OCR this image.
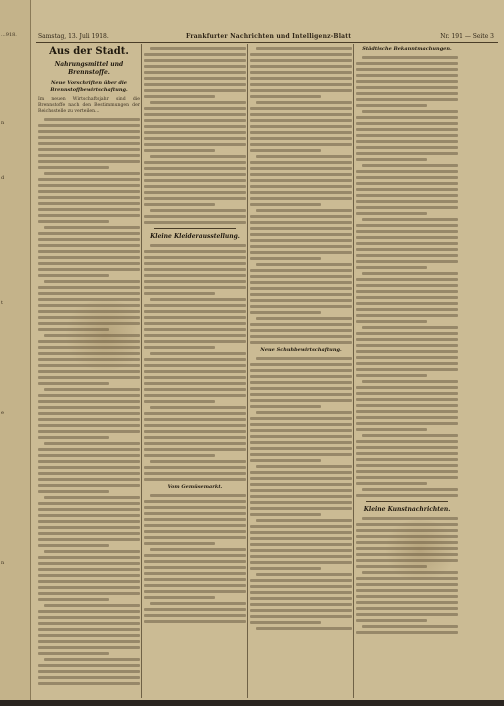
...918.
n
d
t
e
n
Samstag, 13. Juli 1918.	Frankfurter Nachrichten und Intelligenz-Blatt	Nr. 191 — Seite 3
Aus der Stadt.
Nahrungsmittel und Brennstoffe.
Neue Vorschriften über die Brennstoffbewirtschaftung.
Im neuen Wirtschaftsjahr sind die Brennstoffe nach den Bestimmungen der Reichsstelle zu verteilen...
Kleine Kleiderausstellung.
Vom Gemüsemarkt.
Neue Schuhbewirtschaftung.
Städtische Bekanntmachungen.
Kleine Kunstnachrichten.
